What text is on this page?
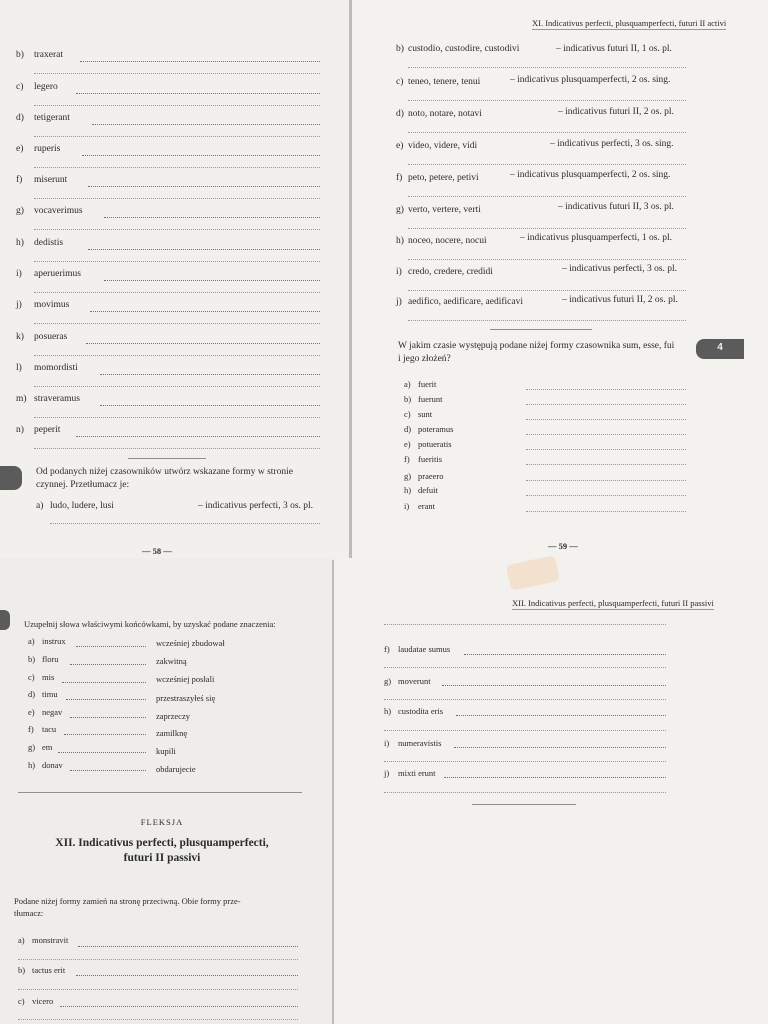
b) traxerat
c) legero
d) tetigerant
e) ruperis
f) miserunt
g) vocaverimus
h) dedistis
i) aperuerimus
j) movimus
k) posueras
l) momordisti
m) straveramus
n) peperit
Od podanych niżej czasowników utwórz wskazane formy w stronie
czynnej. Przetłumacz je:
a) ludo, ludere, lusi	– indicativus perfecti, 3 os. pl.
— 58 —
XI. Indicativus perfecti, plusquamperfecti, futuri II activi
b) custodio, custodire, custodivi	– indicativus futuri II, 1 os. pl.
c) teneo, tenere, tenui	– indicativus plusquamperfecti, 2 os. sing.
d) noto, notare, notavi	– indicativus futuri II, 2 os. pl.
e) video, videre, vidi	– indicativus perfecti, 3 os. sing.
f) peto, petere, petivi	– indicativus plusquamperfecti, 2 os. sing.
g) verto, vertere, verti	– indicativus futuri II, 3 os. pl.
h) noceo, nocere, nocui	– indicativus plusquamperfecti, 1 os. pl.
i) credo, credere, credidi	– indicativus perfecti, 3 os. pl.
j) aedifico, aedificare, aedificavi	– indicativus futuri II, 2 os. pl.
4
W jakim czasie występują podane niżej formy czasownika sum, esse, fui
i jego złożeń?
a) fuerit
b) fuerunt
c) sunt
d) poteramus
e) potueratis
f) fueritis
g) praeero
h) defuit
i) erant
— 59 —
Uzupełnij słowa właściwymi końcówkami, by uzyskać podane znaczenia:
a) instrux	wcześniej zbudował
b) floru	zakwitną
c) mis	wcześniej posłali
d) timu	przestraszyłeś się
e) negav	zaprzeczy
f) tacu	zamilknę
g) em	kupili
h) donav	obdarujecie
FLEKSJA
XII. Indicativus perfecti, plusquamperfecti,
futuri II passivi
Podane niżej formy zamień na stronę przeciwną. Obie formy prze-
tłumacz:
a) monstravit
b) tactus erit
c) vicero
XII. Indicativus perfecti, plusquamperfecti, futuri II passivi
f) laudatae sumus
g) moverunt
h) custodita eris
i) numeravistis
j) mixti erunt
